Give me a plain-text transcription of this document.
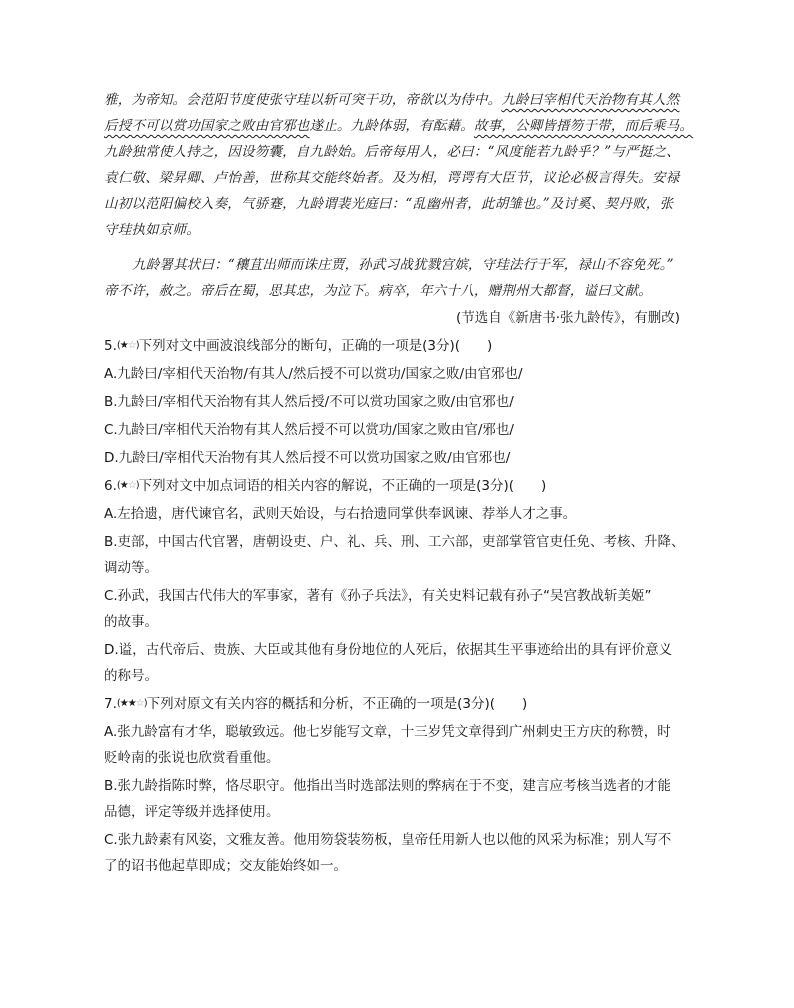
雅，为帝知。会范阳节度使张守珪以斩可突干功，帝欲以为侍中。九龄曰宰相代天治物有其人然
后授不可以赏功国家之败由官邪也遂止。九龄体弱，有酝藉。故事，公卿皆搢笏于带，而后乘马。
九龄独常使人持之，因设笏囊，自九龄始。后帝每用人，必曰：“风度能若九龄乎？”与严挺之、
袁仁敬、梁昇卿、卢怡善，世称其交能终始者。及为相，谔谔有大臣节，议论必极言得失。安禄
山初以范阳偏校入奏，气骄蹇，九龄谓裴光庭曰：“乱幽州者，此胡雏也。”及讨奚、契丹败，张
守珪执如京师。
九龄署其状曰：“穰苴出师而诛庄贾，孙武习战犹戮宫嫔，守珪法行于军，禄山不容免死。”
帝不许，赦之。帝后在蜀，思其忠，为泣下。病卒，年六十八，赠荆州大都督，谥曰文献。
(节选自《新唐书·张九龄传》，有删改)
5.(★☆)下列对文中画波浪线部分的断句，正确的一项是(3分)(　　)
A.九龄曰/宰相代天治物/有其人/然后授不可以赏功/国家之败/由官邪也/
B.九龄曰/宰相代天治物有其人然后授/不可以赏功国家之败/由官邪也/
C.九龄曰/宰相代天治物有其人然后授不可以赏功/国家之败由官/邪也/
D.九龄曰/宰相代天治物有其人然后授不可以赏功国家之败/由官邪也/
6.(★☆)下列对文中加点词语的相关内容的解说，不正确的一项是(3分)(　　)
A.左拾遗，唐代谏官名，武则天始设，与右拾遗同掌供奉讽谏、荐举人才之事。
B.吏部，中国古代官署，唐朝设吏、户、礼、兵、刑、工六部，吏部掌管官吏任免、考核、升降、
调动等。
C.孙武，我国古代伟大的军事家，著有《孙子兵法》，有关史料记载有孙子“吴宫教战斩美姬”
的故事。
D.谥，古代帝后、贵族、大臣或其他有身份地位的人死后，依据其生平事迹给出的具有评价意义
的称号。
7.(★★☆)下列对原文有关内容的概括和分析，不正确的一项是(3分)(　　)
A.张九龄富有才华，聪敏致远。他七岁能写文章，十三岁凭文章得到广州刺史王方庆的称赞，时
贬岭南的张说也欣赏看重他。
B.张九龄指陈时弊，恪尽职守。他指出当时选部法则的弊病在于不变，建言应考核当选者的才能
品德，评定等级并选择使用。
C.张九龄素有风姿，文雅友善。他用笏袋装笏板，皇帝任用新人也以他的风采为标准；别人写不
了的诏书他起草即成；交友能始终如一。
